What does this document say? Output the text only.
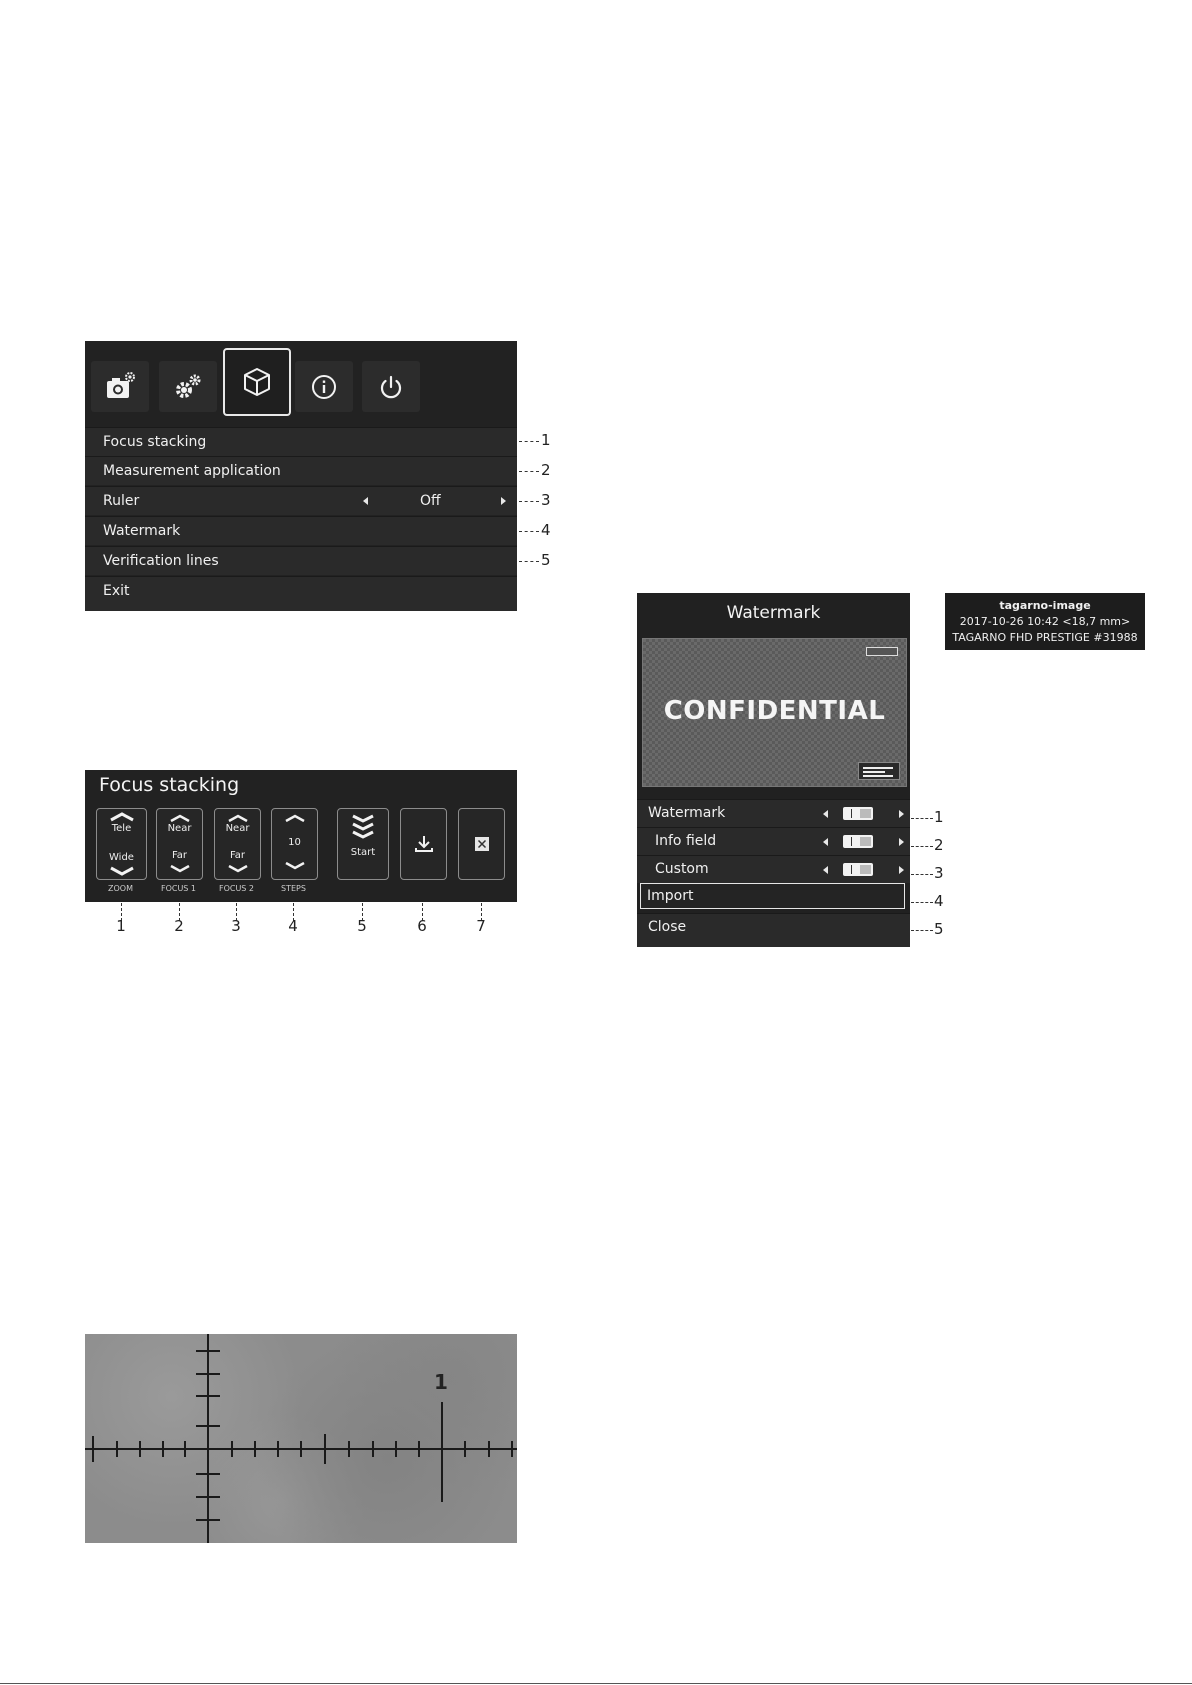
Focus stacking
Measurement application
Ruler	Off
Watermark
Verification lines
Exit
1
2
3
4
5
Focus stacking
Tele
Wide
ZOOM
Near
Far
FOCUS 1
Near
Far
FOCUS 2
10
STEPS
Start
1	2	3	4	5	6	7
Watermark
CONFIDENTIAL
Watermark
Info field
Custom
Import
Close
1
2
3
4
5
tagarno-image
2017-10-26 10:42 <18,7 mm>
TAGARNO FHD PRESTIGE #31988
1
